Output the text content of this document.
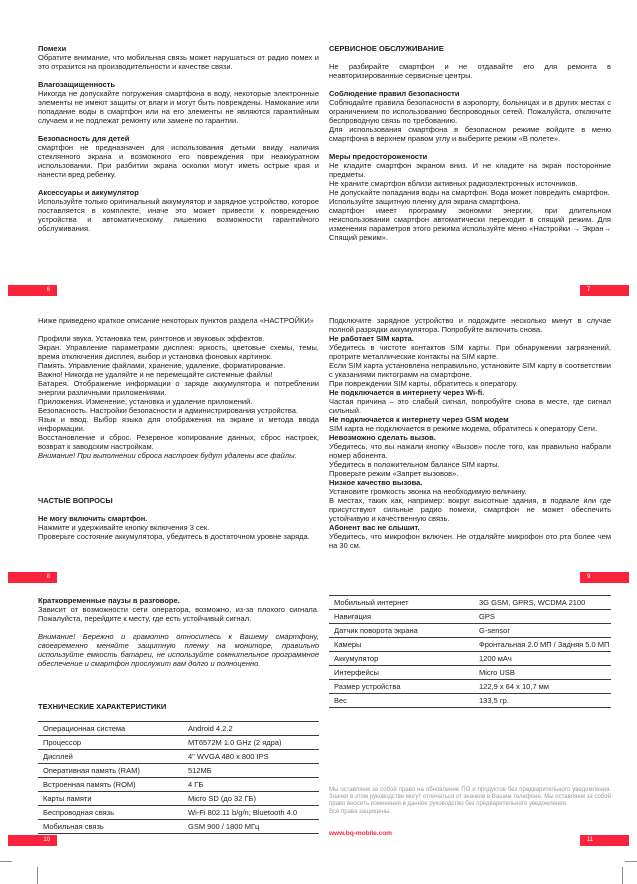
Помехи
Обратите внимание, что мобильная связь может нарушаться от радио помех и это отразится на производительности и качестве связи.
Влагозащищенность
Никогда не допускайте погружения смартфона в воду, некоторые электронные элементы не имеют защиты от влаги и могут быть повреждены. Намокание или попадание воды в смартфон или на его элементы не являются гарантийным случаем и не подлежат ремонту или замене по гарантии.
Безопасность для детей
смартфон не предназначен для использования детьми ввиду наличия стеклянного экрана и возможного его повреждения при неаккуратном использовании. При разбитии экрана осколки могут иметь острые края и нанести вред ребенку.
Аксессуары и аккумулятор
Используйте только оригинальный аккумулятор и зарядное устройство, которое поставляется в комплекте, иначе это может привести к повреждению устройства и автоматическому лишению возможности гарантийного обслуживания.
Ниже приведено краткое описание некоторых пунктов раздела «НАСТРОЙКИ»
Профили звука. Установка тем, рингтонов и звуковых эффектов.
Экран. Управление параметрами дисплея: яркость, цветовые схемы, темы, время отключения дисплея, выбор и установка фоновых картинок.
Память. Управление файлами, хранение, удаление, форматирование.
Важно! Никогда не удаляйте и не перемещайте системные файлы!
Батарея. Отображение информации о заряде аккумулятора и потреблении энергии различными приложениями.
Приложения. Изменение, установка и удаление приложений.
Безопасность. Настройки безопасности и администрирования устройства.
Язык и ввод. Выбор языка для отображения на экране и метода ввода информации.
Восстановление и сброс. Резервное копирование данных, сброс настроек, возврат к заводским настройкам.
Внимание! При выполнении сброса настроек будут удалены все файлы.
ЧАСТЫЕ ВОПРОСЫ
Не могу включить смартфон.
Нажмите и удерживайте кнопку включения 3 сек.
Проверьте состояние аккумулятора, убедитесь в достаточном уровне заряда.
Кратковременные паузы в разговоре.
Зависит от возможности сети оператора, возможно, из-за плохого сигнала. Пожалуйста, перейдите к месту, где есть устойчивый сигнал.
Внимание! Бережно и грамотно относитесь к Вашему смартфону, своевременно меняйте защитную пленку на мониторе, правильно используйте емкость батареи, не используйте сомнительное программное обеспечение и смартфон прослужит вам долго и полноценно.
ТЕХНИЧЕСКИЕ ХАРАКТЕРИСТИКИ
Операционная система	Android 4.2.2
Процессор	MT6572M 1.0 GHz (2 ядра)
Дисплей	4" WVGA 480 x 800 IPS
Оперативная память (RAM)	512МБ
Встроенная память (ROM)	4 ГБ
Карты памяти	Micro SD (до 32 ГБ)
Беспроводная связь	Wi-Fi 802.11 b/g/n; Bluetooth 4.0
Мобильная связь	GSM 900 / 1800 МГц
СЕРВИСНОЕ ОБСЛУЖИВАНИЕ
Не разбирайте смартфон и не отдавайте его для ремонта в неавторизированные сервисные центры.
Соблюдение правил безопасности
Соблюдайте правила безопасности в аэропорту, больницах и в других местах с ограничением по использованию беспроводных сетей. Пожалуйста, отключите беспроводную связь по требованию.
Для использования смартфона в безопасном режиме войдите в меню смартфона в верхнем правом углу и выберите режим «В полете».
Меры предосторожености
Не кладите смартфон экраном вниз. И не кладите на экран посторонние предметы.
Не храните смартфон вблизи активных радиоэлектронных источников.
Не допускайте попадания воды на смартфон. Вода может повредить смартфон.
Используйте защитную пленку для экрана смартфона.
смартфон имеет программу экономии энергии, при длительном неиспользовании смартфон автоматически переходит в спящий режим. Для изменения параметров этого режима используйте меню «Настройки → Экран→ Спящий режим».
Подключите зарядное устройство и подождите несколько минут в случае полной разрядки аккумулятора. Попробуйте включить снова.
Не работает SIM карта.
Убедитесь в чистоте контактов SIM карты. При обнаружении загрязнений, протрите металлические контакты на SIM карте.
Если SIM карта установлена неправильно, установите SIM карту в соответствии с указаниями пиктограмм на смартфоне.
При повреждении SIM карты, обратитесь к оператору.
Не подключается в интернету через Wi-fi.
Частая причина – это слабый сигнал, попробуйте снова в месте, где сигнал сильный.
Не подключается к интернету через GSM модем
SIM карта не подключается в режиме модема, обратитесь к оператору Сети.
Невозможно сделать вызов.
Убедитесь, что вы нажали кнопку «Вызов» после того, как правильно набрали номер абонента.
Убедитесь в положительном балансе SIM карты.
Проверьте режим «Запрет вызовов».
Низкое качество вызова.
Установите громкость звонка на необходимую величину.
В местах, таких как, например: вокруг высотные здания, в подвале или где присутствуют сильные радио помехи, смартфон не может обеспечить устойчивую и качественную связь.
Абонент вас не слышит.
Убедитесь, что микрофон включен. Не отдаляйте микрофон ото рта более чем на 30 см.
Мобильный интернет	3G GSM, GPRS, WCDMA 2100
Навигация	GPS
Датчик поворота экрана	G-sensor
Камеры	Фронтальная 2.0 МП / Задняя 5.0 МП
Аккумулятор	1200 мАч
Интерфейсы	Micro USB
Размер устройства	122,9 x 64 x 10,7 мм
Вес	133,5 гр.

Мы оставляем за собой право на обновление ПО и продуктов без предварительного уведомления. Значки в этом руководстве могут отличаться от значков в Вашем телефоне. Мы оставляем за собой право вносить изменения в данное руководство без предварительного уведомления.

Все права защищены.

www.bq-mobile.com
6	7
8	9
10	11
